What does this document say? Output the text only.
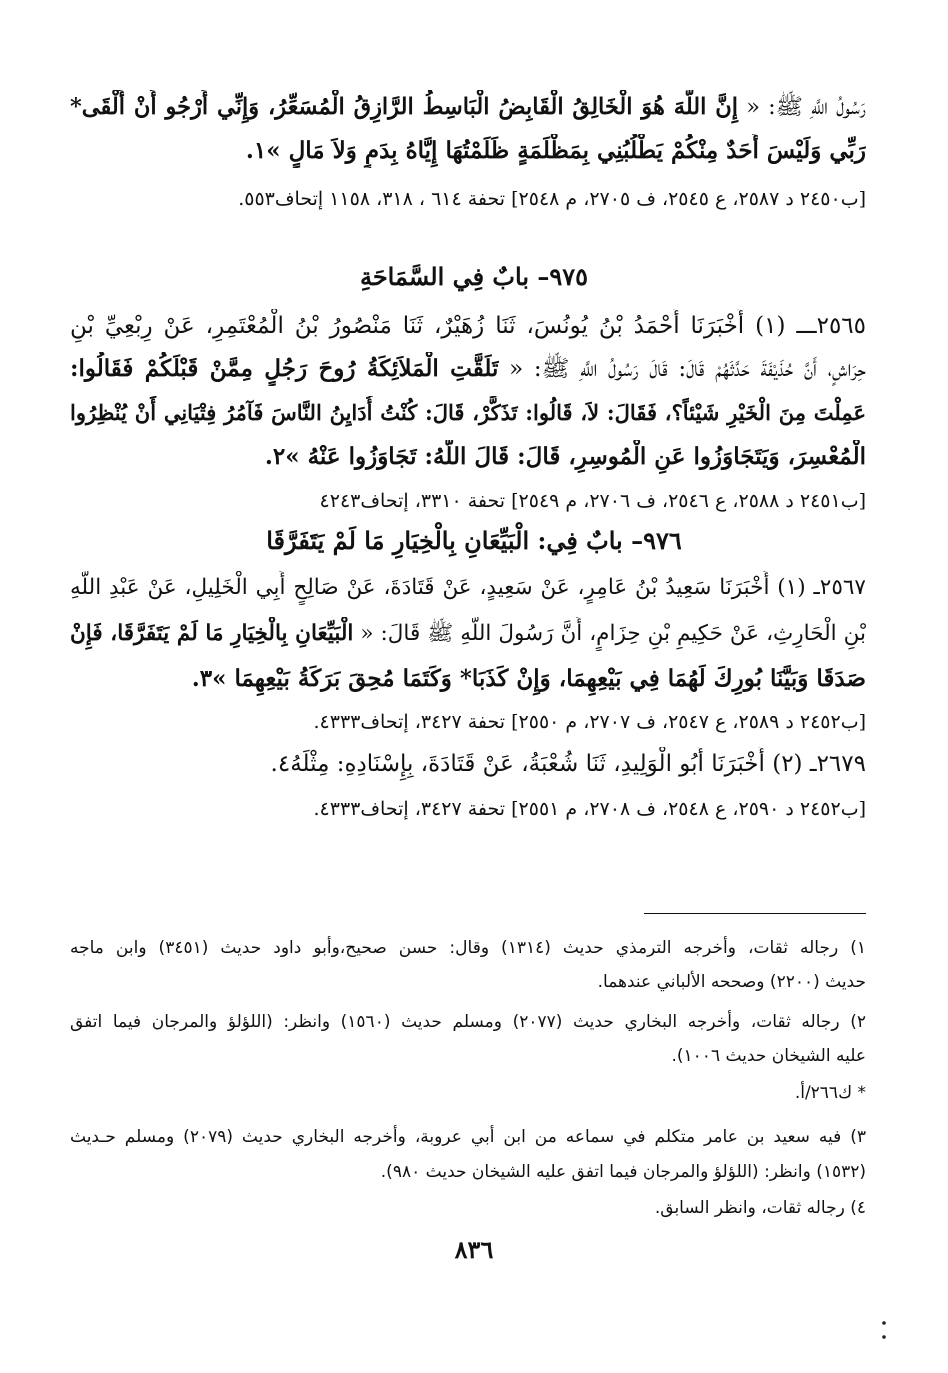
رَسُولُ اللَّهِ ﷺ: « إِنَّ اللَّهَ هُوَ الْخَالِقُ الْقَابِضُ الْبَاسِطُ الرَّازِقُ الْمُسَعِّرُ، وَإِنِّي أَرْجُو أَنْ أَلْقَى*
رَبِّي وَلَيْسَ أَحَدٌ مِنْكُمْ يَطْلُبُنِي بِمَظْلَمَةٍ ظَلَمْتُهَا إِيَّاهُ بِدَمٍ وَلاَ مَالٍ »١.
[ب٢٤٥٠ د ٢٥٨٧، ع ٢٥٤٥، ف ٢٧٠٥، م ٢٥٤٨] تحفة ٦١٤ ، ٣١٨، ١١٥٨ إتحاف٥٥٣.
٩٧٥– بابٌ فِي السَّمَاحَةِ
٢٥٦٥ـــ (١) أَخْبَرَنَا أَحْمَدُ بْنُ يُونُسَ، ثَنَا زُهَيْرٌ، ثَنَا مَنْصُورُ بْنُ الْمُعْتَمِرِ، عَنْ رِبْعِيِّ بْنِ
حِرَاشٍ، أَنَّ حُذَيْفَةَ حَدَّثَهُمْ قَالَ: قَالَ رَسُولُ اللَّهِ ﷺ: « تَلَقَّتِ الْمَلاَئِكَةُ رُوحَ رَجُلٍ مِمَّنْ قَبْلَكُمْ فَقَالُوا:
عَمِلْتَ مِنَ الْخَيْرِ شَيْئاً؟، فَقَالَ: لاَ، قَالُوا: تَذَكَّرْ، قَالَ: كُنْتُ أُدَايِنُ النَّاسَ فَآمُرُ فِتْيَانِي أَنْ يُنْظِرُوا
الْمُعْسِرَ، وَيَتَجَاوَزُوا عَنِ الْمُوسِرِ، قَالَ: قَالَ اللَّهُ: تَجَاوَزُوا عَنْهُ »٢.
[ب٢٤٥١ د ٢٥٨٨، ع ٢٥٤٦، ف ٢٧٠٦، م ٢٥٤٩] تحفة ٣٣١٠، إتحاف٤٢٤٣
٩٧٦– بابٌ فِي: الْبَيِّعَانِ بِالْخِيَارِ مَا لَمْ يَتَفَرَّقَا
٢٥٦٧ـ (١) أَخْبَرَنَا سَعِيدُ بْنُ عَامِرٍ، عَنْ سَعِيدٍ، عَنْ قَتَادَةَ، عَنْ صَالِحٍ أَبِي الْخَلِيلِ، عَنْ عَبْدِ اللَّهِ
بْنِ الْحَارِثِ، عَنْ حَكِيمِ بْنِ حِزَامٍ، أَنَّ رَسُولَ اللَّهِ ﷺ قَالَ: « الْبَيِّعَانِ بِالْخِيَارِ مَا لَمْ يَتَفَرَّقَا، فَإِنْ
صَدَقَا وَبَيَّنَا بُورِكَ لَهُمَا فِي بَيْعِهِمَا، وَإِنْ كَذَبَا* وَكَتَمَا مُحِقَ بَرَكَةُ بَيْعِهِمَا »٣.
[ب٢٤٥٢ د ٢٥٨٩، ع ٢٥٤٧، ف ٢٧٠٧، م ٢٥٥٠] تحفة ٣٤٢٧، إتحاف٤٣٣٣.
٢٦٧٩ـ (٢) أَخْبَرَنَا أَبُو الْوَلِيدِ، ثَنَا شُعْبَةُ، عَنْ قَتَادَةَ، بِإِسْنَادِهِ: مِثْلَهُ٤.
[ب٢٤٥٢ د ٢٥٩٠، ع ٢٥٤٨، ف ٢٧٠٨، م ٢٥٥١] تحفة ٣٤٢٧، إتحاف٤٣٣٣.
١) رجاله ثقات، وأخرجه الترمذي حديث (١٣١٤) وقال: حسن صحيح،وأبو داود حديث (٣٤٥١) وابن ماجه
حديث (٢٢٠٠) وصححه الألباني عندهما.
٢) رجاله ثقات، وأخرجه البخاري حديث (٢٠٧٧) ومسلم حديث (١٥٦٠) وانظر: (اللؤلؤ والمرجان فيما اتفق
عليه الشيخان حديث ١٠٠٦).
* ك٢٦٦/أ.
٣) فيه سعيد بن عامر متكلم في سماعه من ابن أبي عروبة، وأخرجه البخاري حديث (٢٠٧٩) ومسلم حـديث
(١٥٣٢) وانظر: (اللؤلؤ والمرجان فيما اتفق عليه الشيخان حديث ٩٨٠).
٤) رجاله ثقات، وانظر السابق.
٨٣٦
